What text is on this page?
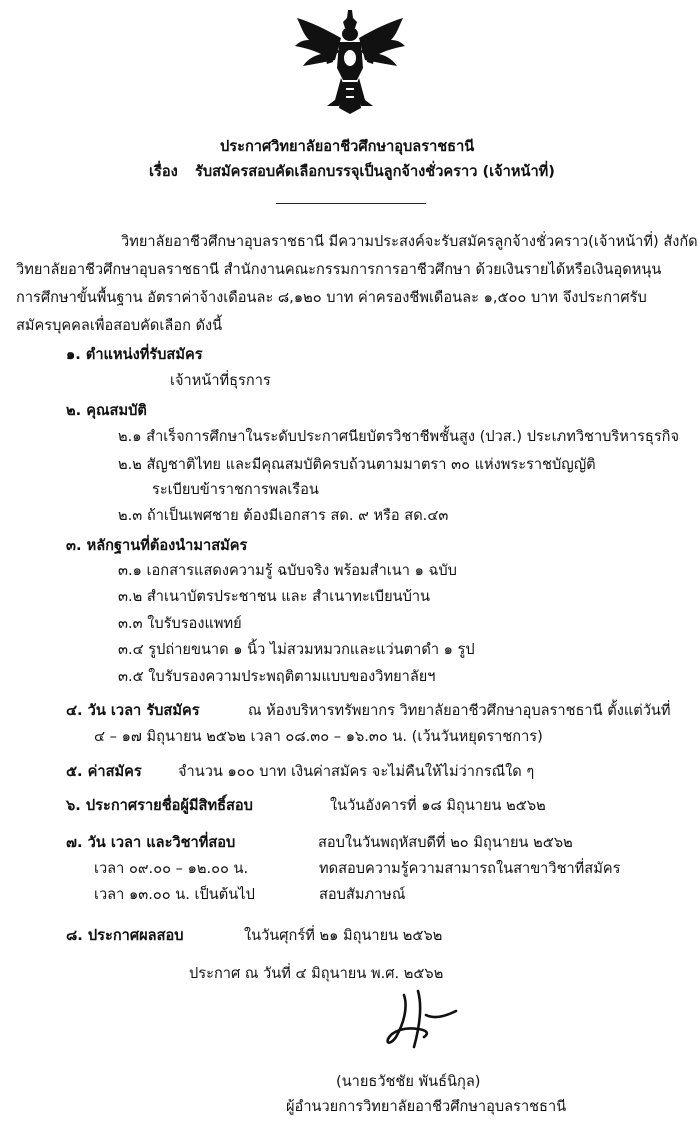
ประกาศวิทยาลัยอาชีวศึกษาอุบลราชธานี
เรื่อง รับสมัครสอบคัดเลือกบรรจุเป็นลูกจ้างชั่วคราว (เจ้าหน้าที่)
วิทยาลัยอาชีวศึกษาอุบลราชธานี มีความประสงค์จะรับสมัครลูกจ้างชั่วคราว(เจ้าหน้าที่) สังกัด
วิทยาลัยอาชีวศึกษาอุบลราชธานี สำนักงานคณะกรรมการการอาชีวศึกษา ด้วยเงินรายได้หรือเงินอุดหนุน
การศึกษาขั้นพื้นฐาน อัตราค่าจ้างเดือนละ ๘,๑๒๐ บาท ค่าครองชีพเดือนละ ๑,๕๐๐ บาท จึงประกาศรับ
สมัครบุคคลเพื่อสอบคัดเลือก ดังนี้
๑. ตำแหน่งที่รับสมัคร
เจ้าหน้าที่ธุรการ
๒. คุณสมบัติ
๒.๑ สำเร็จการศึกษาในระดับประกาศนียบัตรวิชาชีพชั้นสูง (ปวส.) ประเภทวิชาบริหารธุรกิจ
๒.๒ สัญชาติไทย และมีคุณสมบัติครบถ้วนตามมาตรา ๓๐ แห่งพระราชบัญญัติ
ระเบียบข้าราชการพลเรือน
๒.๓ ถ้าเป็นเพศชาย ต้องมีเอกสาร สด. ๙ หรือ สด.๔๓
๓. หลักฐานที่ต้องนำมาสมัคร
๓.๑ เอกสารแสดงความรู้ ฉบับจริง พร้อมสำเนา ๑ ฉบับ
๓.๒ สำเนาบัตรประชาชน และ สำเนาทะเบียนบ้าน
๓.๓ ใบรับรองแพทย์
๓.๔ รูปถ่ายขนาด ๑ นิ้ว ไม่สวมหมวกและแว่นตาดำ ๑ รูป
๓.๕ ใบรับรองความประพฤติตามแบบของวิทยาลัยฯ
๔. วัน เวลา รับสมัคร	ณ ห้องบริหารทรัพยากร วิทยาลัยอาชีวศึกษาอุบลราชธานี ตั้งแต่วันที่
๔ – ๑๗ มิถุนายน ๒๕๖๒ เวลา ๐๘.๓๐ – ๑๖.๓๐ น. (เว้นวันหยุดราชการ)
๕. ค่าสมัคร จำนวน ๑๐๐ บาท เงินค่าสมัคร จะไม่คืนให้ไม่ว่ากรณีใด ๆ
๖. ประกาศรายชื่อผู้มีสิทธิ์สอบ	ในวันอังคารที่ ๑๘ มิถุนายน ๒๕๖๒
๗. วัน เวลา และวิชาที่สอบ	สอบในวันพฤหัสบดีที่ ๒๐ มิถุนายน ๒๕๖๒
เวลา ๐๙.๐๐ – ๑๒.๐๐ น.	ทดสอบความรู้ความสามารถในสาขาวิชาที่สมัคร
เวลา ๑๓.๐๐ น. เป็นต้นไป	สอบสัมภาษณ์
๘. ประกาศผลสอบ	ในวันศุกร์ที่ ๒๑ มิถุนายน ๒๕๖๒
ประกาศ ณ วันที่ ๔ มิถุนายน พ.ศ. ๒๕๖๒
(นายธวัชชัย พันธ์นิกุล)
ผู้อำนวยการวิทยาลัยอาชีวศึกษาอุบลราชธานี
